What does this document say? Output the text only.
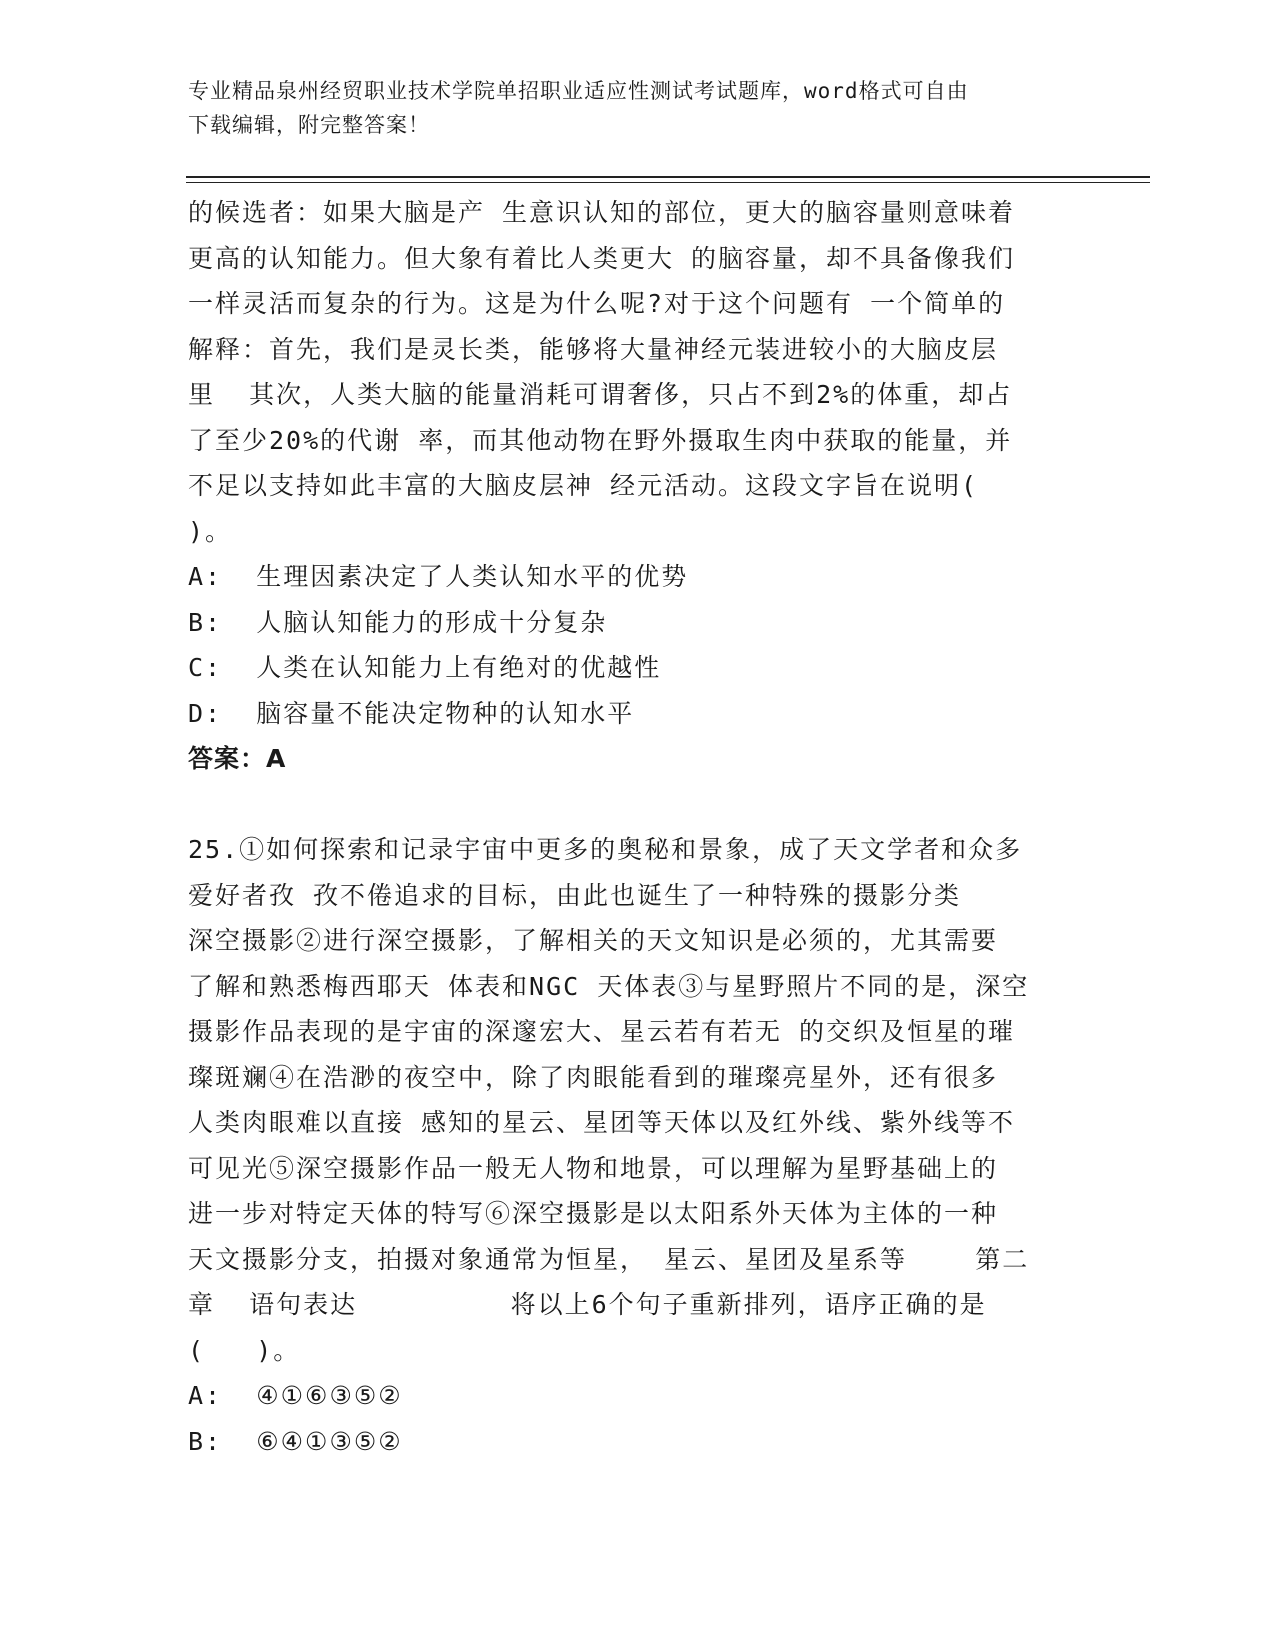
专业精品泉州经贸职业技术学院单招职业适应性测试考试题库，word格式可自由
下载编辑，附完整答案！
的候选者：如果大脑是产 生意识认知的部位，更大的脑容量则意味着
更高的认知能力。但大象有着比人类更大 的脑容量，却不具备像我们
一样灵活而复杂的行为。这是为什么呢?对于这个问题有 一个简单的
解释：首先，我们是灵长类，能够将大量神经元装进较小的大脑皮层
里  其次，人类大脑的能量消耗可谓奢侈，只占不到2%的体重，却占
了至少20%的代谢 率，而其他动物在野外摄取生肉中获取的能量，并
不足以支持如此丰富的大脑皮层神 经元活动。这段文字旨在说明(
)。
A:  生理因素决定了人类认知水平的优势
B:  人脑认知能力的形成十分复杂
C:  人类在认知能力上有绝对的优越性
D:  脑容量不能决定物种的认知水平
答案：A
25.①如何探索和记录宇宙中更多的奥秘和景象，成了天文学者和众多
爱好者孜 孜不倦追求的目标，由此也诞生了一种特殊的摄影分类
深空摄影②进行深空摄影，了解相关的天文知识是必须的，尤其需要
了解和熟悉梅西耶天 体表和NGC 天体表③与星野照片不同的是，深空
摄影作品表现的是宇宙的深邃宏大、星云若有若无 的交织及恒星的璀
璨斑斓④在浩渺的夜空中，除了肉眼能看到的璀璨亮星外，还有很多
人类肉眼难以直接 感知的星云、星团等天体以及红外线、紫外线等不
可见光⑤深空摄影作品一般无人物和地景，可以理解为星野基础上的
进一步对特定天体的特写⑥深空摄影是以太阳系外天体为主体的一种
天文摄影分支，拍摄对象通常为恒星， 星云、星团及星系等    第二
章  语句表达         将以上6个句子重新排列，语序正确的是
(   )。
A:  ④①⑥③⑤②
B:  ⑥④①③⑤②
